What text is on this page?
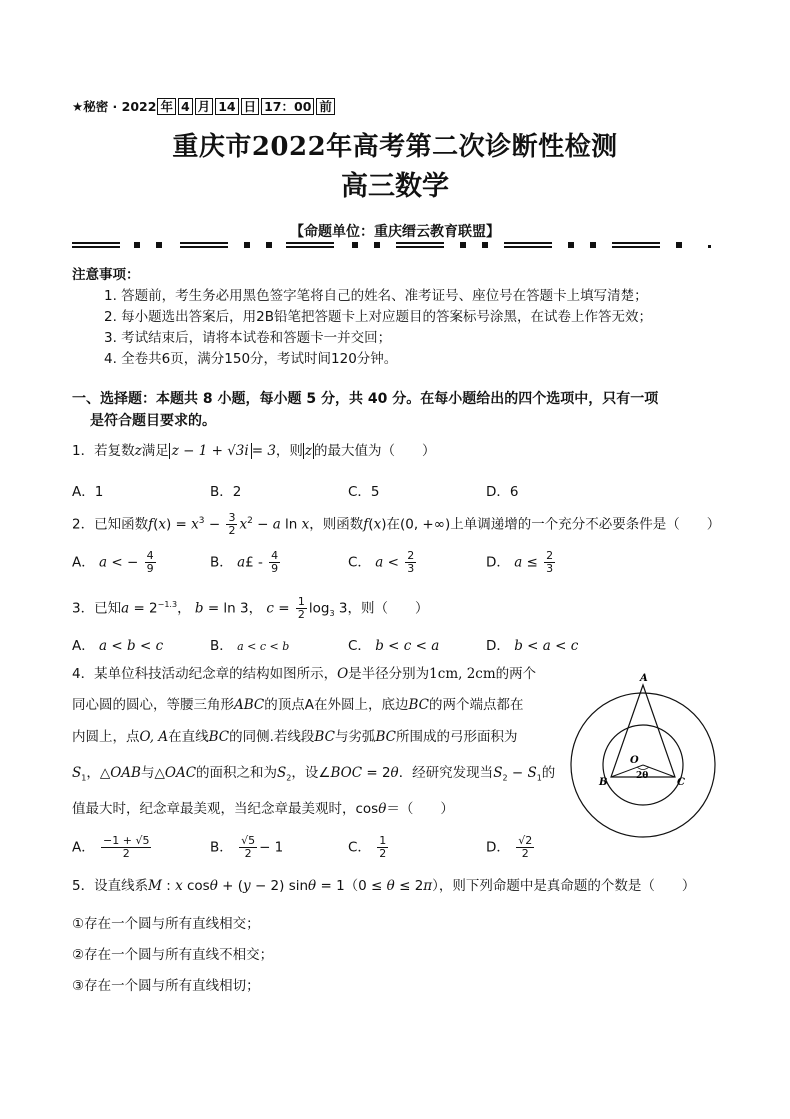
★秘密 · 2022 年 4 月 14 日 17：00 前
重庆市2022年高考第二次诊断性检测
高三数学
【命题单位：重庆缙云教育联盟】
注意事项：
1. 答题前，考生务必用黑色签字笔将自己的姓名、准考证号、座位号在答题卡上填写清楚；
2. 每小题选出答案后，用2B铅笔把答题卡上对应题目的答案标号涂黑，在试卷上作答无效；
3. 考试结束后，请将本试卷和答题卡一并交回；
4. 全卷共6页，满分150分，考试时间120分钟。
一、选择题：本题共 8 小题，每小题 5 分，共 40 分。在每小题给出的四个选项中，只有一项
是符合题目要求的。
1．若复数z满足 z − 1 + √3i = 3，则 z 的最大值为（　　）
A．1	B．2	C．5	D．6
2．已知函数$f(x) = x^3 - \frac{3}{2} x^2 - a$ ln x，则函数f(x)在(0, +∞)上单调递增的一个充分不必要条件是（　　）
A． a < − $\frac{4}{9}$	B． a£ - $\frac{4}{9}$	C． $a < \frac{2}{3}$	D． $a \le \frac{2}{3}$
3．已知$a = 2^{-1.3}$， b = ln 3， $c = \frac{1}{2} \log_3 3$，则（　　）
A． a < b < c	B． a < c < b	C． b < c < a	D． b < a < c
4．某单位科技活动纪念章的结构如图所示，O是半径分别为1cm, 2cm的两个
同心圆的圆心，等腰三角形ABC的顶点A在外圆上，底边BC的两个端点都在
内圆上，点O, A在直线BC的同侧.若线段BC与劣弧BC所围成的弓形面积为
$S_1$，△OAB与△OAC的面积之和为$S_2$，设∠BOC = 2θ．经研究发现当$S_2 - S_1$的
值最大时，纪念章最美观，当纪念章最美观时，cosθ＝（　　）
A． $\frac{-1 + √5}{2}$	B． $\frac{√5}{2} - 1$	C． $\frac{1}{2}$	D． $\frac{√2}{2}$
A
B	C
O
2θ
5．设直线系M : x cosθ + (y − 2) sinθ = 1（0 ≤ θ ≤ 2π），则下列命题中是真命题的个数是（　　）
①存在一个圆与所有直线相交；
②存在一个圆与所有直线不相交；
③存在一个圆与所有直线相切；
